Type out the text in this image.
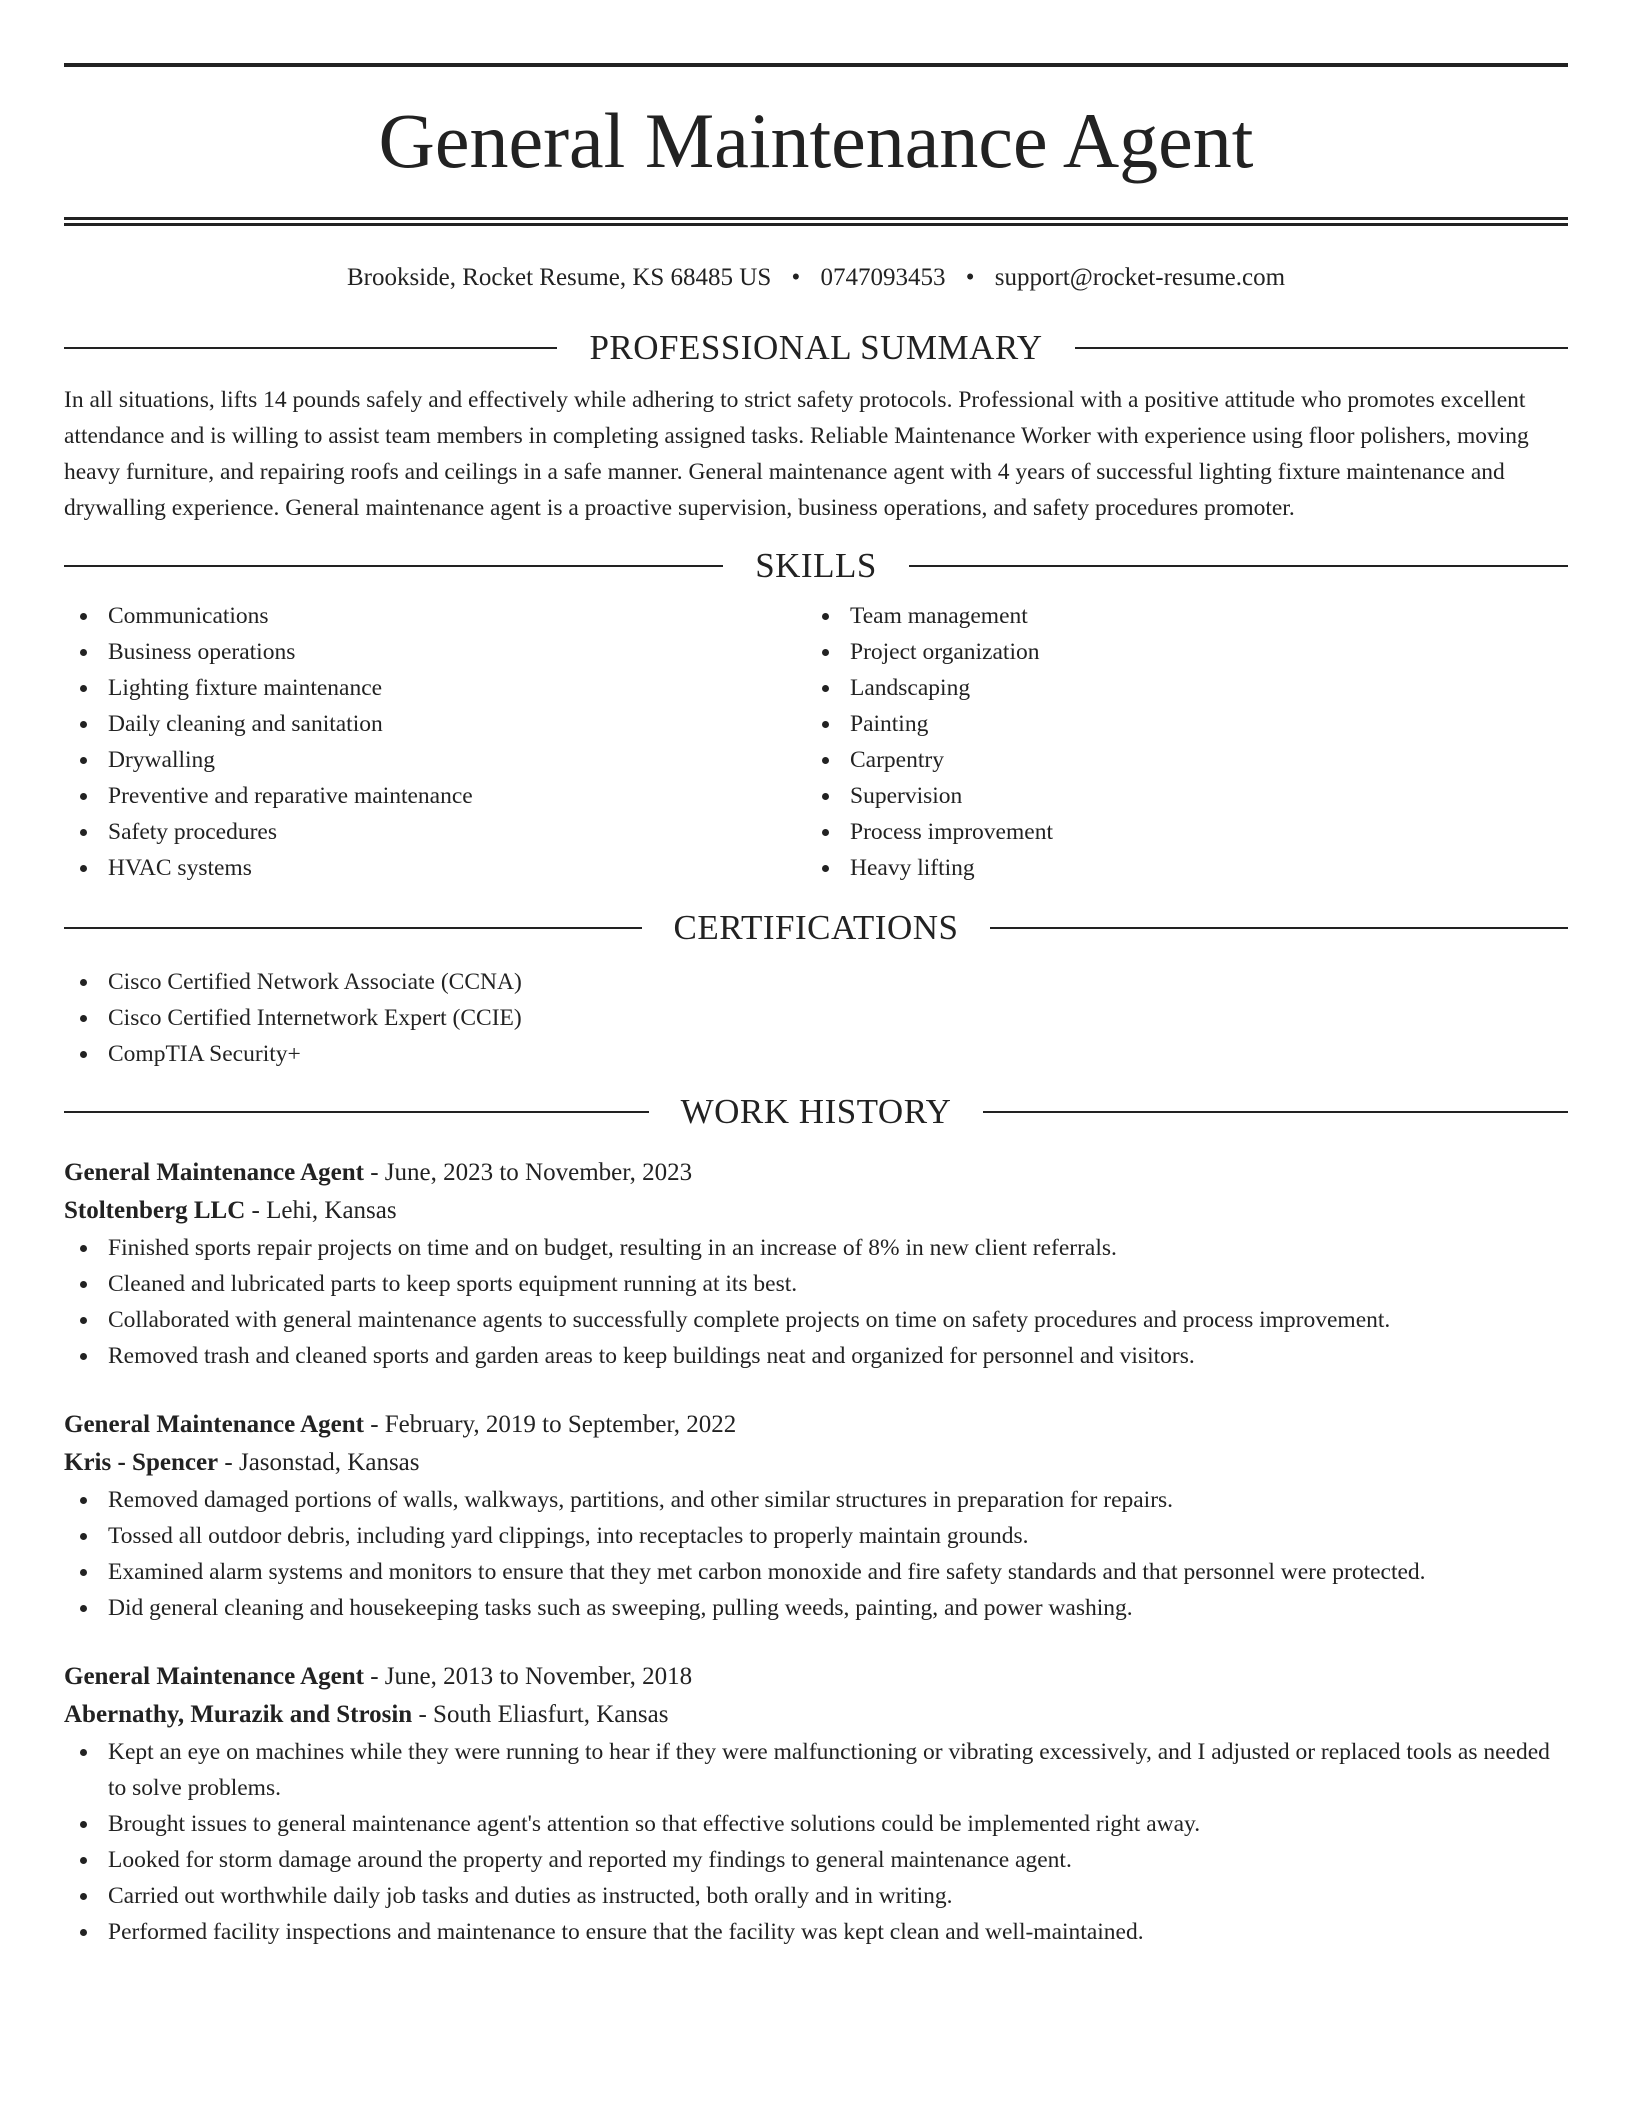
General Maintenance Agent
Brookside, Rocket Resume, KS 68485 US • 0747093453 • support@rocket-resume.com
PROFESSIONAL SUMMARY
In all situations, lifts 14 pounds safely and effectively while adhering to strict safety protocols. Professional with a positive attitude who promotes excellent attendance and is willing to assist team members in completing assigned tasks. Reliable Maintenance Worker with experience using floor polishers, moving heavy furniture, and repairing roofs and ceilings in a safe manner. General maintenance agent with 4 years of successful lighting fixture maintenance and drywalling experience. General maintenance agent is a proactive supervision, business operations, and safety procedures promoter.
SKILLS
Communications
Business operations
Lighting fixture maintenance
Daily cleaning and sanitation
Drywalling
Preventive and reparative maintenance
Safety procedures
HVAC systems
Team management
Project organization
Landscaping
Painting
Carpentry
Supervision
Process improvement
Heavy lifting
CERTIFICATIONS
Cisco Certified Network Associate (CCNA)
Cisco Certified Internetwork Expert (CCIE)
CompTIA Security+
WORK HISTORY
General Maintenance Agent - June, 2023 to November, 2023
Stoltenberg LLC - Lehi, Kansas
Finished sports repair projects on time and on budget, resulting in an increase of 8% in new client referrals.
Cleaned and lubricated parts to keep sports equipment running at its best.
Collaborated with general maintenance agents to successfully complete projects on time on safety procedures and process improvement.
Removed trash and cleaned sports and garden areas to keep buildings neat and organized for personnel and visitors.
General Maintenance Agent - February, 2019 to September, 2022
Kris - Spencer - Jasonstad, Kansas
Removed damaged portions of walls, walkways, partitions, and other similar structures in preparation for repairs.
Tossed all outdoor debris, including yard clippings, into receptacles to properly maintain grounds.
Examined alarm systems and monitors to ensure that they met carbon monoxide and fire safety standards and that personnel were protected.
Did general cleaning and housekeeping tasks such as sweeping, pulling weeds, painting, and power washing.
General Maintenance Agent - June, 2013 to November, 2018
Abernathy, Murazik and Strosin - South Eliasfurt, Kansas
Kept an eye on machines while they were running to hear if they were malfunctioning or vibrating excessively, and I adjusted or replaced tools as needed to solve problems.
Brought issues to general maintenance agent's attention so that effective solutions could be implemented right away.
Looked for storm damage around the property and reported my findings to general maintenance agent.
Carried out worthwhile daily job tasks and duties as instructed, both orally and in writing.
Performed facility inspections and maintenance to ensure that the facility was kept clean and well-maintained.
